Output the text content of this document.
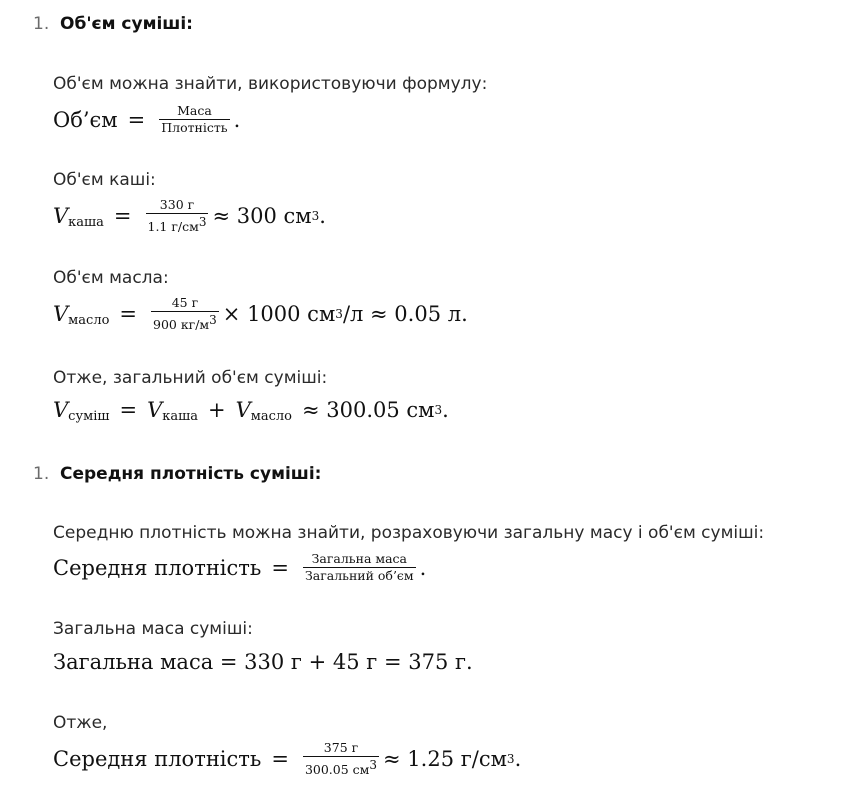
1. Об'єм суміші:
Об'єм можна знайти, використовуючи формулу:
Об’єм = $\frac{\text{Маса}}{\text{Плотність}}$ .
Об'єм каші:
V каша = $\frac{330 г}{1.1 г/см^3} \approx 300$ см 3 .
Об'єм масла:
V масло = $\frac{45 г}{900 кг/м^3} \times 1000$ см 3 /л ≈ 0.05 л.
Отже, загальний об'єм суміші:
V суміш = V каша + V масло ≈ 300.05 см 3 .
1. Середня плотність суміші:
Середню плотність можна знайти, розраховуючи загальну масу і об'єм суміші:
Середня плотність = $\frac{\text{Загальна маса}}{\text{Загальний об’єм}}$ .
Загальна маса суміші:
Загальна маса = 330 г + 45 г = 375 г.
Отже,
Середня плотність = $\frac{375 г}{300.05 см^3} \approx 1.25$ г/см 3 .
